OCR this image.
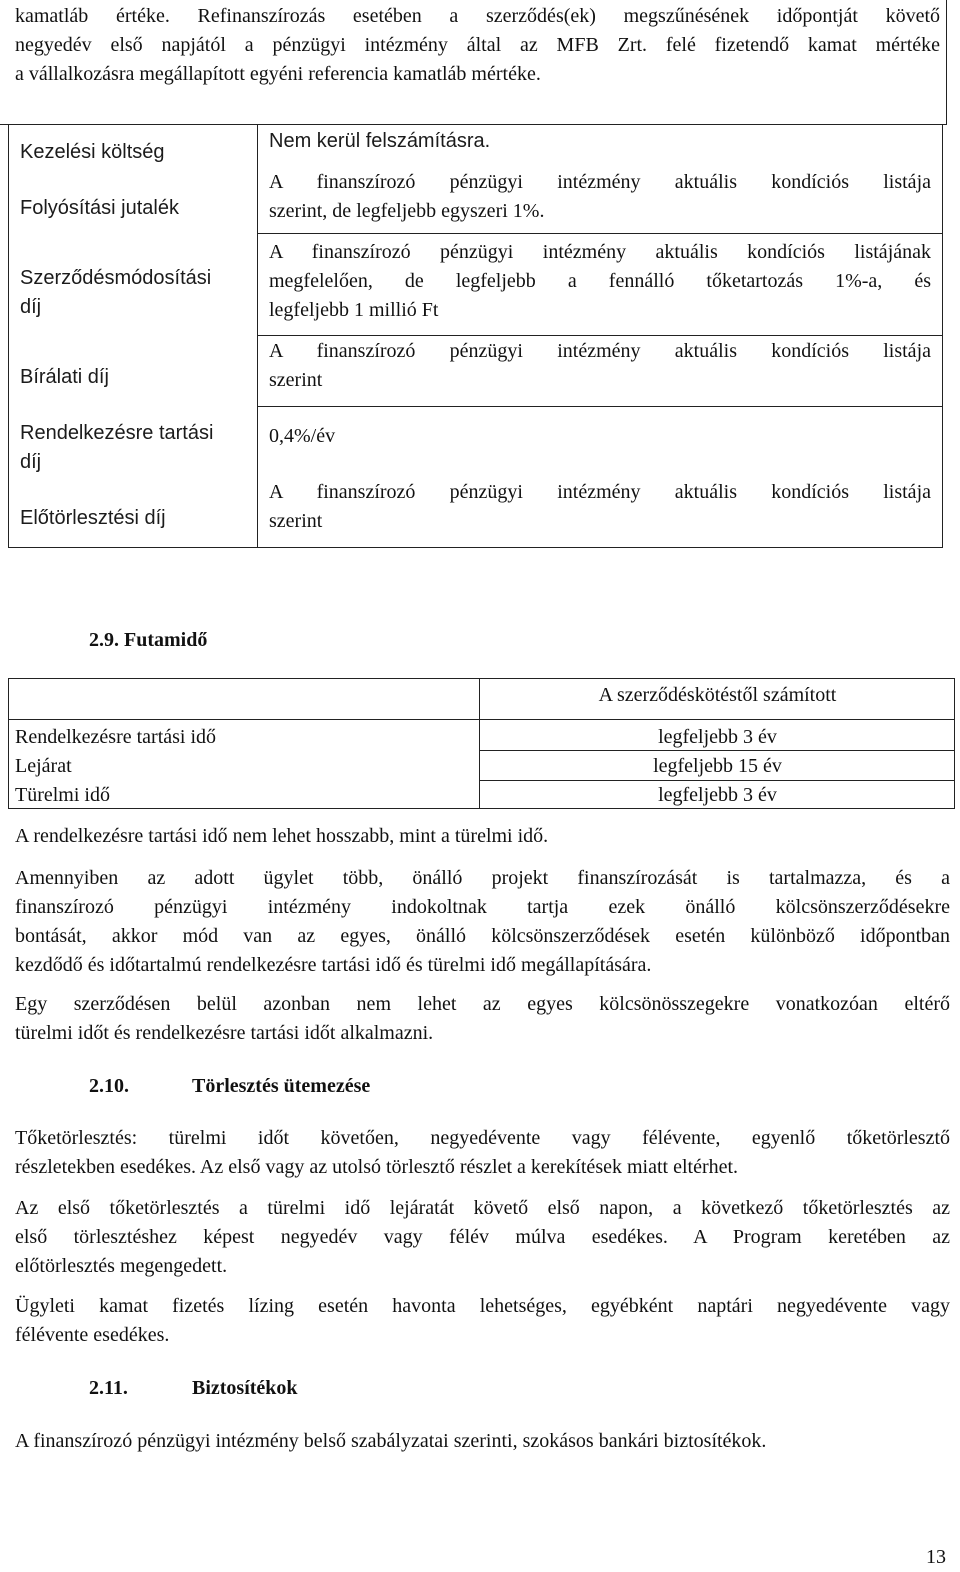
kamatláb értéke. Refinanszírozás esetében a szerződés(ek) megszűnésének időpontját követő
negyedév első napjától a pénzügyi intézmény által az MFB Zrt. felé fizetendő kamat mértéke
a vállalkozásra megállapított egyéni referencia kamatláb mértéke.
Kezelési költség
Folyósítási jutalék
Szerződésmódosítási
díj
Bírálati díj
Rendelkezésre tartási
díj
Előtörlesztési díj
Nem kerül felszámításra.
A finanszírozó pénzügyi intézmény aktuális kondíciós listája
szerint, de legfeljebb egyszeri 1%.
A finanszírozó pénzügyi intézmény aktuális kondíciós listájának
megfelelően, de legfeljebb a fennálló tőketartozás 1%-a, és
legfeljebb 1 millió Ft
A finanszírozó pénzügyi intézmény aktuális kondíciós listája
szerint
0,4%/év
A finanszírozó pénzügyi intézmény aktuális kondíciós listája
szerint
2.9. Futamidő
A szerződéskötéstől számított
Rendelkezésre tartási idő
Lejárat
Türelmi idő
legfeljebb 3 év
legfeljebb 15 év
legfeljebb 3 év
A rendelkezésre tartási idő nem lehet hosszabb, mint a türelmi idő.
Amennyiben az adott ügylet több, önálló projekt finanszírozását is tartalmazza, és a
finanszírozó pénzügyi intézmény indokoltnak tartja ezek önálló kölcsönszerződésekre
bontását, akkor mód van az egyes, önálló kölcsönszerződések esetén különböző időpontban
kezdődő és időtartalmú rendelkezésre tartási idő és türelmi idő megállapítására.
Egy szerződésen belül azonban nem lehet az egyes kölcsönösszegekre vonatkozóan eltérő
türelmi időt és rendelkezésre tartási időt alkalmazni.
2.10.	Törlesztés ütemezése
Tőketörlesztés: türelmi időt követően, negyedévente vagy félévente, egyenlő tőketörlesztő
részletekben esedékes. Az első vagy az utolsó törlesztő részlet a kerekítések miatt eltérhet.
Az első tőketörlesztés a türelmi idő lejáratát követő első napon, a következő tőketörlesztés az
első törlesztéshez képest negyedév vagy félév múlva esedékes. A Program keretében az
előtörlesztés megengedett.
Ügyleti kamat fizetés lízing esetén havonta lehetséges, egyébként naptári negyedévente vagy
félévente esedékes.
2.11.	Biztosítékok
A finanszírozó pénzügyi intézmény belső szabályzatai szerinti, szokásos bankári biztosítékok.
13
